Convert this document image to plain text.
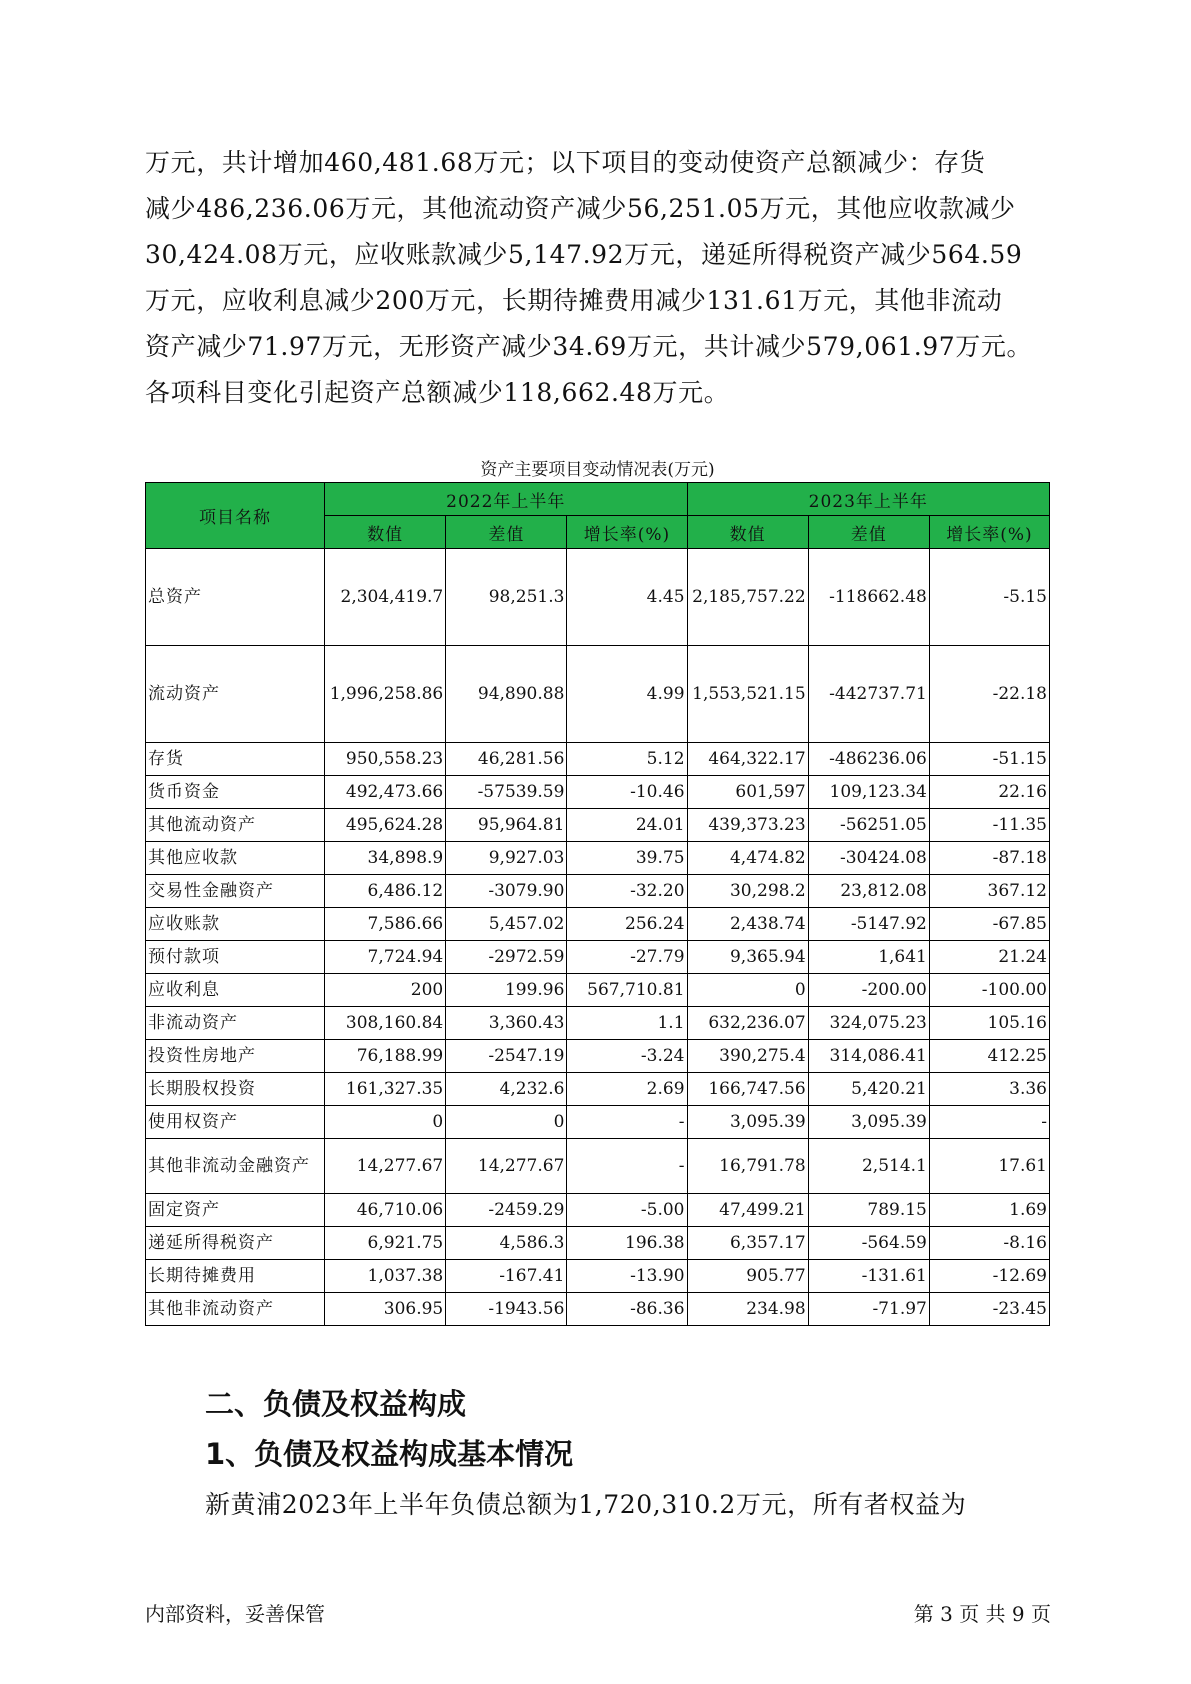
万元，共计增加460,481.68万元；以下项目的变动使资产总额减少：存货
减少486,236.06万元，其他流动资产减少56,251.05万元，其他应收款减少
30,424.08万元，应收账款减少5,147.92万元，递延所得税资产减少564.59
万元，应收利息减少200万元，长期待摊费用减少131.61万元，其他非流动
资产减少71.97万元，无形资产减少34.69万元，共计减少579,061.97万元。
各项科目变化引起资产总额减少118,662.48万元。
资产主要项目变动情况表(万元)
项目名称	2022年上半年			2023年上半年		
	数值	差值	增长率(%)	数值	差值	增长率(%)
总资产	2,304,419.7	98,251.3	4.45	2,185,757.22	-118662.48	-5.15
流动资产	1,996,258.86	94,890.88	4.99	1,553,521.15	-442737.71	-22.18
存货	950,558.23	46,281.56	5.12	464,322.17	-486236.06	-51.15
货币资金	492,473.66	-57539.59	-10.46	601,597	109,123.34	22.16
其他流动资产	495,624.28	95,964.81	24.01	439,373.23	-56251.05	-11.35
其他应收款	34,898.9	9,927.03	39.75	4,474.82	-30424.08	-87.18
交易性金融资产	6,486.12	-3079.90	-32.20	30,298.2	23,812.08	367.12
应收账款	7,586.66	5,457.02	256.24	2,438.74	-5147.92	-67.85
预付款项	7,724.94	-2972.59	-27.79	9,365.94	1,641	21.24
应收利息	200	199.96	567,710.81	0	-200.00	-100.00
非流动资产	308,160.84	3,360.43	1.1	632,236.07	324,075.23	105.16
投资性房地产	76,188.99	-2547.19	-3.24	390,275.4	314,086.41	412.25
长期股权投资	161,327.35	4,232.6	2.69	166,747.56	5,420.21	3.36
使用权资产	0	0	-	3,095.39	3,095.39	-
其他非流动金融资产	14,277.67	14,277.67	-	16,791.78	2,514.1	17.61
固定资产	46,710.06	-2459.29	-5.00	47,499.21	789.15	1.69
递延所得税资产	6,921.75	4,586.3	196.38	6,357.17	-564.59	-8.16
长期待摊费用	1,037.38	-167.41	-13.90	905.77	-131.61	-12.69
其他非流动资产	306.95	-1943.56	-86.36	234.98	-71.97	-23.45
二、负债及权益构成
1、负债及权益构成基本情况
新黄浦2023年上半年负债总额为1,720,310.2万元，所有者权益为
内部资料，妥善保管	第 3 页 共 9 页
